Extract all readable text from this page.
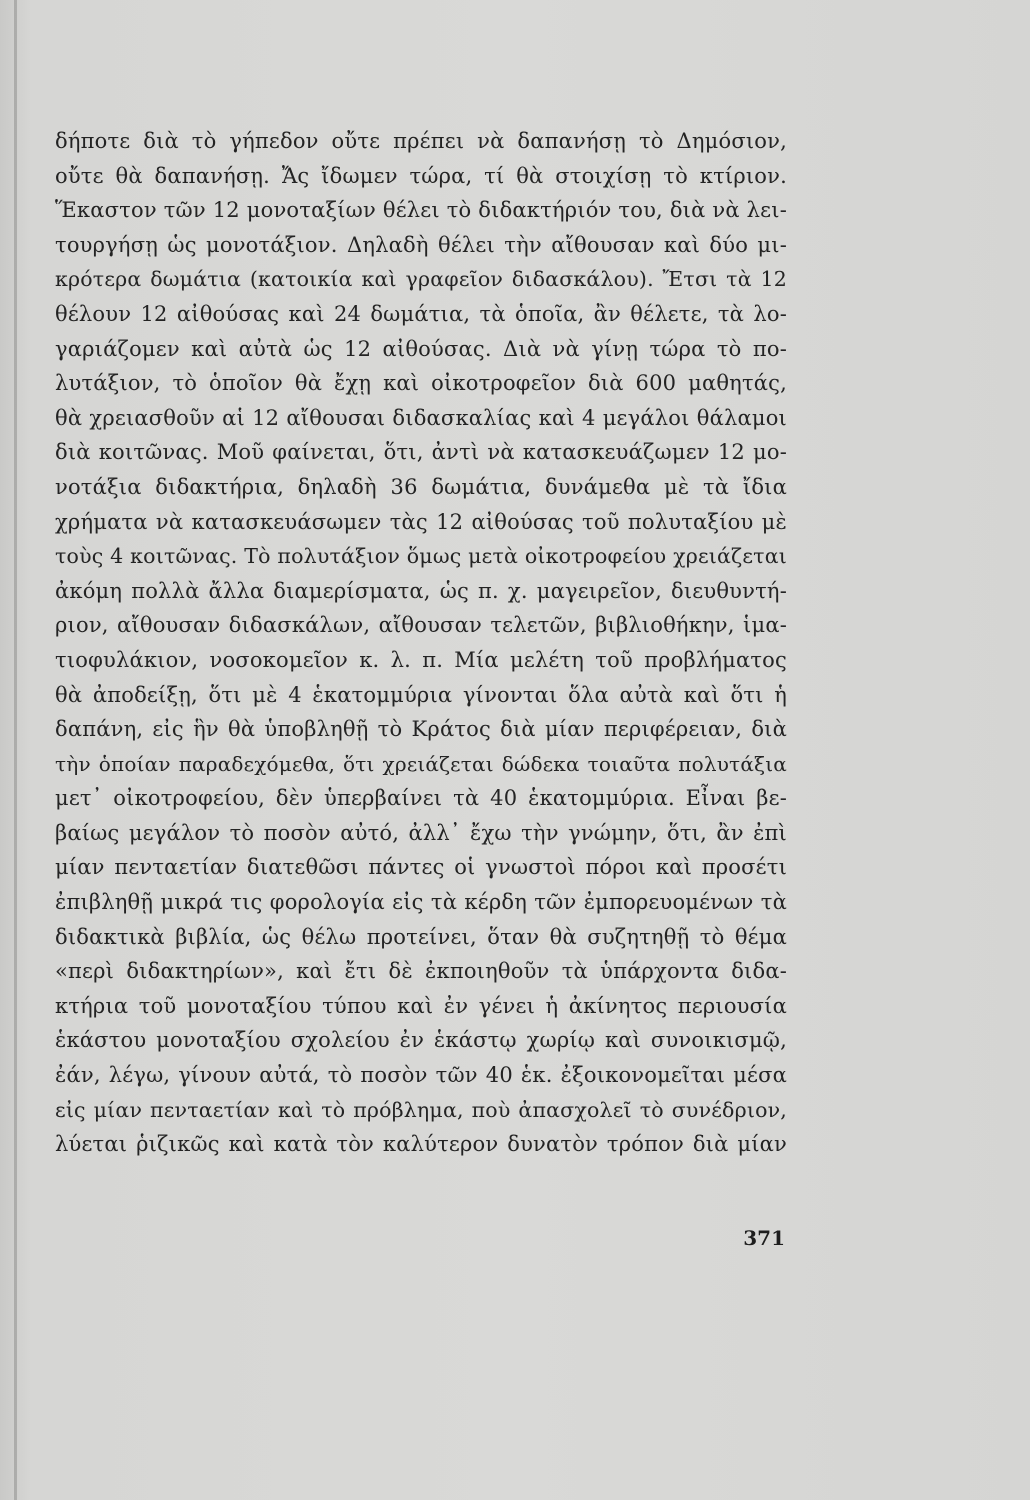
δήποτε διὰ τὸ γήπεδον οὔτε πρέπει νὰ δαπανήσῃ τὸ Δημόσιον,
οὔτε θὰ δαπανήσῃ. Ἄς ἴδωμεν τώρα, τί θὰ στοιχίσῃ τὸ κτίριον.
Ἕκαστον τῶν 12 μονοταξίων θέλει τὸ διδακτήριόν του, διὰ νὰ λει-
τουργήσῃ ὡς μονοτάξιον. Δηλαδὴ θέλει τὴν αἴθουσαν καὶ δύο μι-
κρότερα δωμάτια (κατοικία καὶ γραφεῖον διδασκάλου). Ἔτσι τὰ 12
θέλουν 12 αἰθούσας καὶ 24 δωμάτια, τὰ ὁποῖα, ἂν θέλετε, τὰ λο-
γαριάζομεν καὶ αὐτὰ ὡς 12 αἰθούσας. Διὰ νὰ γίνῃ τώρα τὸ πο-
λυτάξιον, τὸ ὁποῖον θὰ ἔχῃ καὶ οἰκοτροφεῖον διὰ 600 μαθητάς,
θὰ χρειασθοῦν αἱ 12 αἴθουσαι διδασκαλίας καὶ 4 μεγάλοι θάλαμοι
διὰ κοιτῶνας. Μοῦ φαίνεται, ὅτι, ἀντὶ νὰ κατασκευάζωμεν 12 μο-
νοτάξια διδακτήρια, δηλαδὴ 36 δωμάτια, δυνάμεθα μὲ τὰ ἴδια
χρήματα νὰ κατασκευάσωμεν τὰς 12 αἰθούσας τοῦ πολυταξίου μὲ
τοὺς 4 κοιτῶνας. Τὸ πολυτάξιον ὅμως μετὰ οἰκοτροφείου χρειάζεται
ἀκόμη πολλὰ ἄλλα διαμερίσματα, ὡς π. χ. μαγειρεῖον, διευθυντή-
ριον, αἴθουσαν διδασκάλων, αἴθουσαν τελετῶν, βιβλιοθήκην, ἱμα-
τιοφυλάκιον, νοσοκομεῖον κ. λ. π. Μία μελέτη τοῦ προβλήματος
θὰ ἀποδείξῃ, ὅτι μὲ 4 ἑκατομμύρια γίνονται ὅλα αὐτὰ καὶ ὅτι ἡ
δαπάνη, εἰς ἣν θὰ ὑποβληθῇ τὸ Κράτος διὰ μίαν περιφέρειαν, διὰ
τὴν ὁποίαν παραδεχόμεθα, ὅτι χρειάζεται δώδεκα τοιαῦτα πολυτάξια
μετ᾽ οἰκοτροφείου, δὲν ὑπερβαίνει τὰ 40 ἑκατομμύρια. Εἶναι βε-
βαίως μεγάλον τὸ ποσὸν αὐτό, ἀλλ᾽ ἔχω τὴν γνώμην, ὅτι, ἂν ἐπὶ
μίαν πενταετίαν διατεθῶσι πάντες οἱ γνωστοὶ πόροι καὶ προσέτι
ἐπιβληθῇ μικρά τις φορολογία εἰς τὰ κέρδη τῶν ἐμπορευομένων τὰ
διδακτικὰ βιβλία, ὡς θέλω προτείνει, ὅταν θὰ συζητηθῇ τὸ θέμα
«περὶ διδακτηρίων», καὶ ἔτι δὲ ἐκποιηθοῦν τὰ ὑπάρχοντα διδα-
κτήρια τοῦ μονοταξίου τύπου καὶ ἐν γένει ἡ ἀκίνητος περιουσία
ἑκάστου μονοταξίου σχολείου ἐν ἑκάστῳ χωρίῳ καὶ συνοικισμῷ,
ἐάν, λέγω, γίνουν αὐτά, τὸ ποσὸν τῶν 40 ἑκ. ἐξοικονομεῖται μέσα
εἰς μίαν πενταετίαν καὶ τὸ πρόβλημα, ποὺ ἀπασχολεῖ τὸ συνέδριον,
λύεται ῥιζικῶς καὶ κατὰ τὸν καλύτερον δυνατὸν τρόπον διὰ μίαν
371
